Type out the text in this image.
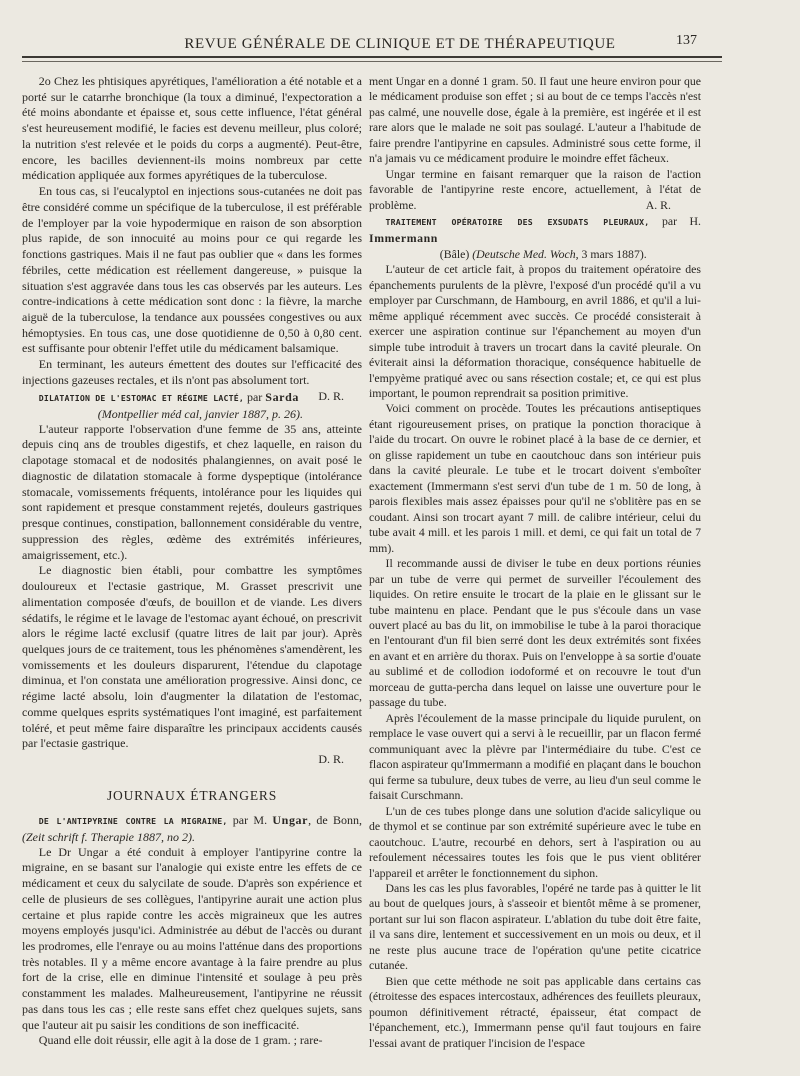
REVUE GÉNÉRALE DE CLINIQUE ET DE THÉRAPEUTIQUE	137

2o Chez les phtisiques apyrétiques, l'amélioration a été notable et a porté sur le catarrhe bronchique (la toux a diminué, l'expectoration a été moins abondante et épaisse et, sous cette influence, l'état général s'est heureusement modifié, le facies est devenu meilleur, plus coloré; la nutrition s'est relevée et le poids du corps a augmenté). Peut-être, encore, les bacilles deviennent-ils moins nombreux par cette médication appliquée aux formes apyrétiques de la tuberculose.

En tous cas, si l'eucalyptol en injections sous-cutanées ne doit pas être considéré comme un spécifique de la tuberculose, il est préférable de l'employer par la voie hypodermique en raison de son absorption plus rapide, de son innocuité au moins pour ce qui regarde les fonctions gastriques. Mais il ne faut pas oublier que « dans les formes fébriles, cette médication est réellement dangereuse, » puisque la situation s'est aggravée dans tous les cas observés par les auteurs. Les contre-indications à cette médication sont donc : la fièvre, la marche aiguë de la tuberculose, la tendance aux poussées congestives ou aux hémoptysies. En tous cas, une dose quotidienne de 0,50 à 0,80 cent. est suffisante pour obtenir l'effet utile du médicament balsamique.

En terminant, les auteurs émettent des doutes sur l'efficacité des injections gazeuses rectales, et ils n'ont pas absolument tort.
D. R.

DILATATION DE L'ESTOMAC ET RÉGIME LACTÉ, par Sarda
(Montpellier méd cal, janvier 1887, p. 26).

L'auteur rapporte l'observation d'une femme de 35 ans, atteinte depuis cinq ans de troubles digestifs, et chez laquelle, en raison du clapotage stomacal et de nodosités phalangiennes, on avait posé le diagnostic de dilatation stomacale à forme dyspeptique (intolérance stomacale, vomissements fréquents, intolérance pour les liquides qui sont rapidement et presque constamment rejetés, douleurs gastriques presque continues, constipation, ballonnement considérable du ventre, suppression des règles, œdème des extrémités inférieures, amaigrissement, etc.).

Le diagnostic bien établi, pour combattre les symptômes douloureux et l'ectasie gastrique, M. Grasset prescrivit une alimentation composée d'œufs, de bouillon et de viande. Les divers sédatifs, le régime et le lavage de l'estomac ayant échoué, on prescrivit alors le régime lacté exclusif (quatre litres de lait par jour). Après quelques jours de ce traitement, tous les phénomènes s'amendèrent, les vomissements et les douleurs disparurent, l'étendue du clapotage diminua, et l'on constata une amélioration progressive. Ainsi donc, ce régime lacté absolu, loin d'augmenter la dilatation de l'estomac, comme quelques esprits systématiques l'ont imaginé, est parfaitement toléré, et peut même faire disparaître les principaux accidents causés par l'ectasie gastrique.

D. R.
JOURNAUX ÉTRANGERS

DE L'ANTIPYRINE CONTRE LA MIGRAINE, par M. Ungar, de Bonn, (Zeit schrift f. Therapie 1887, no 2).

Le Dr Ungar a été conduit à employer l'antipyrine contre la migraine, en se basant sur l'analogie qui existe entre les effets de ce médicament et ceux du salycilate de soude. D'après son expérience et celle de plusieurs de ses collègues, l'antipyrine aurait une action plus certaine et plus rapide contre les accès migraineux que les autres moyens employés jusqu'ici. Administrée au début de l'accès ou durant les prodromes, elle l'enraye ou au moins l'atténue dans des proportions très notables. Il y a même encore avantage à la faire prendre au plus fort de la crise, elle en diminue l'intensité et soulage à peu près constamment les malades. Malheureusement, l'antipyrine ne réussit pas dans tous les cas ; elle reste sans effet chez quelques sujets, sans que l'auteur ait pu saisir les conditions de son inefficacité.

Quand elle doit réussir, elle agit à la dose de 1 gram. ; rare-

ment Ungar en a donné 1 gram. 50. Il faut une heure environ pour que le médicament produise son effet ; si au bout de ce temps l'accès n'est pas calmé, une nouvelle dose, égale à la première, est ingérée et il est rare alors que le malade ne soit pas soulagé. L'auteur a l'habitude de faire prendre l'antipyrine en capsules. Administré sous cette forme, il n'a jamais vu ce médicament produire le moindre effet fâcheux.

Ungar termine en faisant remarquer que la raison de l'action favorable de l'antipyrine reste encore, actuellement, à l'état de problème.	A. R.

TRAITEMENT OPÉRATOIRE DES EXSUDATS PLEURAUX, par H. Immermann
(Bâle) (Deutsche Med. Woch, 3 mars 1887).

L'auteur de cet article fait, à propos du traitement opératoire des épanchements purulents de la plèvre, l'exposé d'un procédé qu'il a vu employer par Curschmann, de Hambourg, en avril 1886, et qu'il a lui-même appliqué récemment avec succès. Ce procédé consisterait à exercer une aspiration continue sur l'épanchement au moyen d'un simple tube introduit à travers un trocart dans la cavité pleurale. On éviterait ainsi la déformation thoracique, conséquence habituelle de l'empyème pratiqué avec ou sans résection costale; et, ce qui est plus important, le poumon reprendrait sa position primitive.

Voici comment on procède. Toutes les précautions antiseptiques étant rigoureusement prises, on pratique la ponction thoracique à l'aide du trocart. On ouvre le robinet placé à la base de ce dernier, et on glisse rapidement un tube en caoutchouc dans son intérieur puis dans la cavité pleurale. Le tube et le trocart doivent s'emboîter exactement (Immermann s'est servi d'un tube de 1 m. 50 de long, à parois flexibles mais assez épaisses pour qu'il ne s'oblitère pas en se coudant. Ainsi son trocart ayant 7 mill. de calibre intérieur, celui du tube avait 4 mill. et les parois 1 mill. et demi, ce qui fait un total de 7 mm).

Il recommande aussi de diviser le tube en deux portions réunies par un tube de verre qui permet de surveiller l'écoulement des liquides. On retire ensuite le trocart de la plaie en le glissant sur le tube maintenu en place. Pendant que le pus s'écoule dans un vase ouvert placé au bas du lit, on immobilise le tube à la paroi thoracique en l'entourant d'un fil bien serré dont les deux extrémités sont fixées en avant et en arrière du thorax. Puis on l'enveloppe à sa sortie d'ouate au sublimé et de collodion iodoformé et on recouvre le tout d'un morceau de gutta-percha dans lequel on laisse une ouverture pour le passage du tube.

Après l'écoulement de la masse principale du liquide purulent, on remplace le vase ouvert qui a servi à le recueillir, par un flacon fermé communiquant avec la plèvre par l'intermédiaire du tube. C'est ce flacon aspirateur qu'Immermann a modifié en plaçant dans le bouchon qui ferme sa tubulure, deux tubes de verre, au lieu d'un seul comme le faisait Curschmann.

L'un de ces tubes plonge dans une solution d'acide salicylique ou de thymol et se continue par son extrémité supérieure avec le tube en caoutchouc. L'autre, recourbé en dehors, sert à l'aspiration ou au refoulement nécessaires toutes les fois que le pus vient oblitérer l'appareil et arrêter le fonctionnement du siphon.

Dans les cas les plus favorables, l'opéré ne tarde pas à quitter le lit au bout de quelques jours, à s'asseoir et bientôt même à se promener, portant sur lui son flacon aspirateur. L'ablation du tube doit être faite, il va sans dire, lentement et successivement en un mois ou deux, et il ne reste plus aucune trace de l'opération qu'une petite cicatrice cutanée.

Bien que cette méthode ne soit pas applicable dans certains cas (étroitesse des espaces intercostaux, adhérences des feuillets pleuraux, poumon définitivement rétracté, épaisseur, état compact de l'épanchement, etc.), Immermann pense qu'il faut toujours en faire l'essai avant de pratiquer l'incision de l'espace
